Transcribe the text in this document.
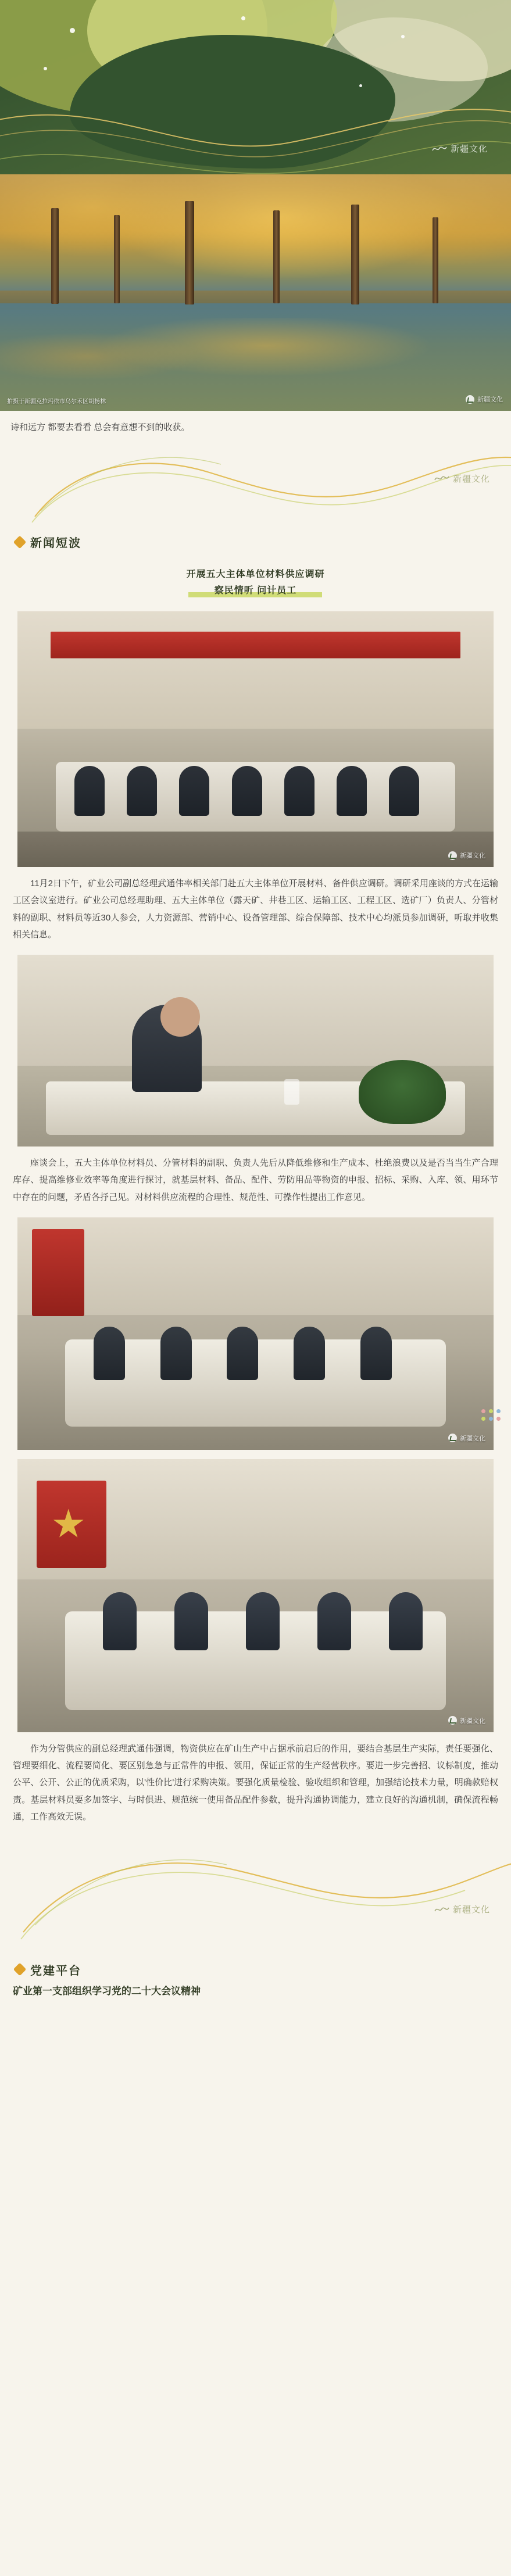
新疆文化
拍摄于新疆克拉玛依市乌尔禾区胡杨林	新疆文化
诗和远方 都要去看看 总会有意想不到的收获。
新疆文化
新闻短波
开展五大主体单位材料供应调研
察民情听 问计员工
新疆文化

11月2日下午，矿业公司副总经理武通伟率相关部门赴五大主体单位开展材料、备件供应调研。调研采用座谈的方式在运输工区会议室进行。矿业公司总经理助理、五大主体单位（露天矿、井巷工区、运输工区、工程工区、选矿厂）负责人、分管材料的副职、材料员等近30人参会，人力资源部、营销中心、设备管理部、综合保障部、技术中心均派员参加调研，听取并收集相关信息。

座谈会上，五大主体单位材料员、分管材料的副职、负责人先后从降低维修和生产成本、杜绝浪费以及是否当当生产合理库存、提高维修业效率等角度进行探讨，就基层材料、备品、配件、劳防用品等物资的申报、招标、采购、入库、领、用环节中存在的问题，矛盾各抒己见。对材料供应流程的合理性、规范性、可操作性提出工作意见。

新疆文化
新疆文化

作为分管供应的副总经理武通伟强调，物资供应在矿山生产中占据承前启后的作用，要结合基层生产实际，责任要强化、管理要细化、流程要简化、要区别急急与正常件的申报、领用，保证正常的生产经营秩序。要进一步完善招、议标制度，推动公平、公开、公正的优质采购，以'性价比'进行采购决策。要强化质量检验、验收组织和管理，加强结论技术力量，明确款赔权责。基层材料员要多加签字、与时俱进、规范统一使用备品配件参数，提升沟通协调能力，建立良好的沟通机制，确保流程畅通，工作高效无误。

新疆文化
党建平台
矿业第一支部组织学习党的二十大会议精神
